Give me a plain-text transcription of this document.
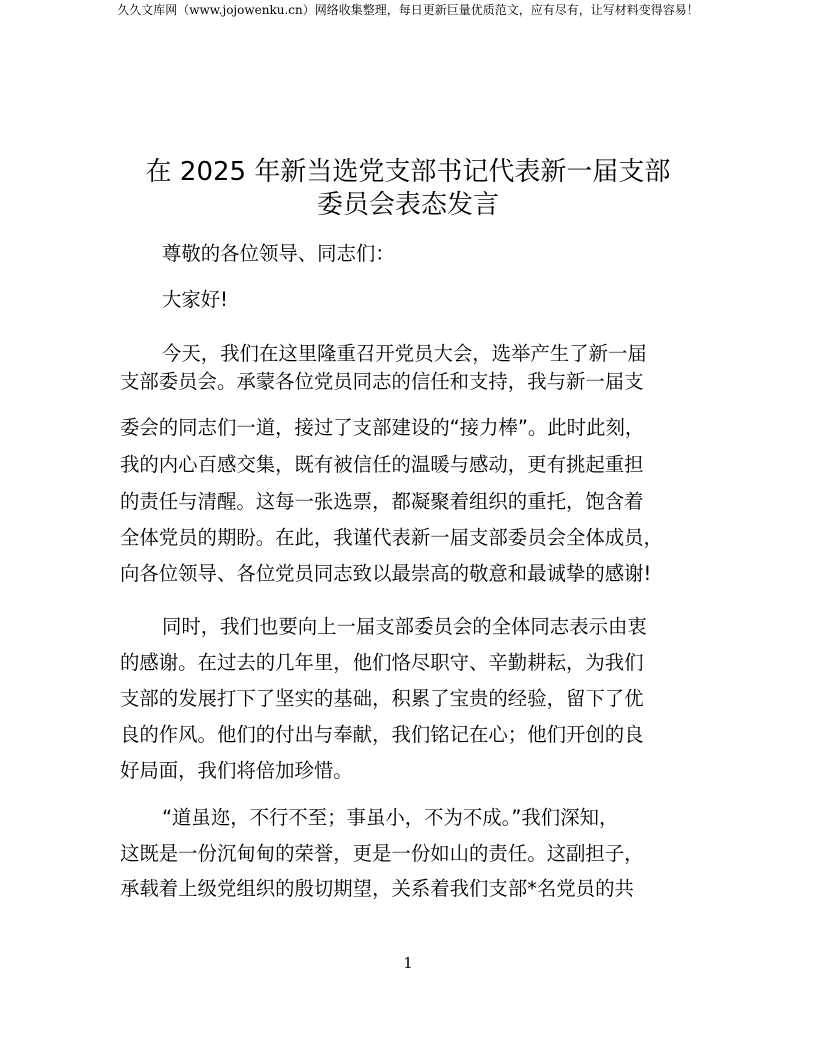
久久文库网（www.jojowenku.cn）网络收集整理，每日更新巨量优质范文，应有尽有，让写材料变得容易！
在 2025 年新当选党支部书记代表新一届支部
委员会表态发言
尊敬的各位领导、同志们：
大家好!
今天，我们在这里隆重召开党员大会，选举产生了新一届
支部委员会。承蒙各位党员同志的信任和支持，我与新一届支
委会的同志们一道，接过了支部建设的“接力棒”。此时此刻，
我的内心百感交集，既有被信任的温暖与感动，更有挑起重担
的责任与清醒。这每一张选票，都凝聚着组织的重托，饱含着
全体党员的期盼。在此，我谨代表新一届支部委员会全体成员，
向各位领导、各位党员同志致以最崇高的敬意和最诚挚的感谢!
同时，我们也要向上一届支部委员会的全体同志表示由衷
的感谢。在过去的几年里，他们恪尽职守、辛勤耕耘，为我们
支部的发展打下了坚实的基础，积累了宝贵的经验，留下了优
良的作风。他们的付出与奉献，我们铭记在心；他们开创的良
好局面，我们将倍加珍惜。
“道虽迩，不行不至；事虽小，不为不成。”我们深知，
这既是一份沉甸甸的荣誉，更是一份如山的责任。这副担子，
承载着上级党组织的殷切期望，关系着我们支部*名党员的共
1
